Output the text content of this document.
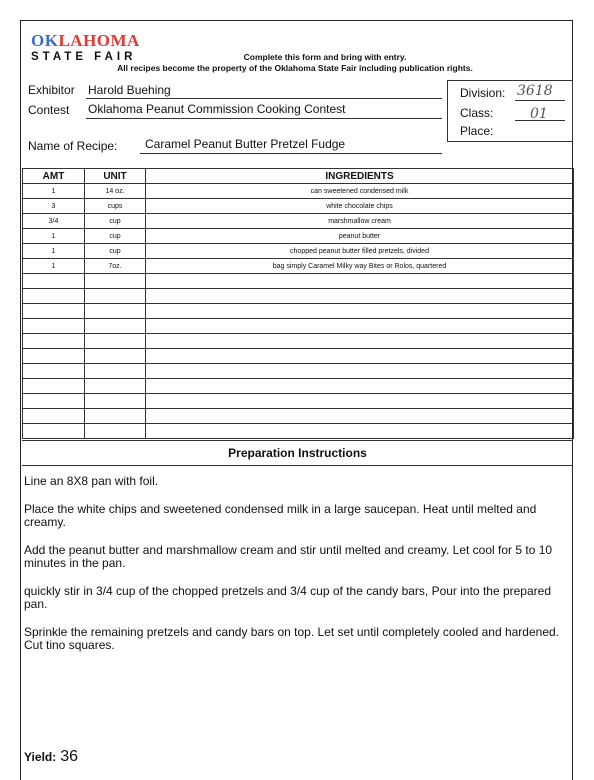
OKLAHOMA
STATE FAIR	Complete this form and bring with entry.
All recipes become the property of the Oklahoma State Fair including publication rights.
Exhibitor Harold Buehing
Contest Oklahoma Peanut Commission Cooking Contest
Division: 3618
Class:	01
Place:
Name of Recipe: Caramel Peanut Butter Pretzel Fudge
AMT	UNIT	INGREDIENTS
1	14 oz.	can sweetened condensed milk
3	cups	white chocolate chips
3/4	cup	marshmallow cream
1	cup	peanut butter
1	cup	chopped peanut butter filled pretzels, divided
1	7oz.	bag simply Caramel Milky way Bites or Rolos, quartered

Preparation Instructions

Line an 8X8 pan with foil.

Place the white chips and sweetened condensed milk in a large saucepan. Heat until melted and creamy.

Add the peanut butter and marshmallow cream and stir until melted and creamy. Let cool for 5 to 10 minutes in the pan.

quickly stir in 3/4 cup of the chopped pretzels and 3/4 cup of the candy bars, Pour into the prepared pan.

Sprinkle the remaining pretzels and candy bars on top. Let set until completely cooled and hardened. Cut tino squares.

Yield: 36
